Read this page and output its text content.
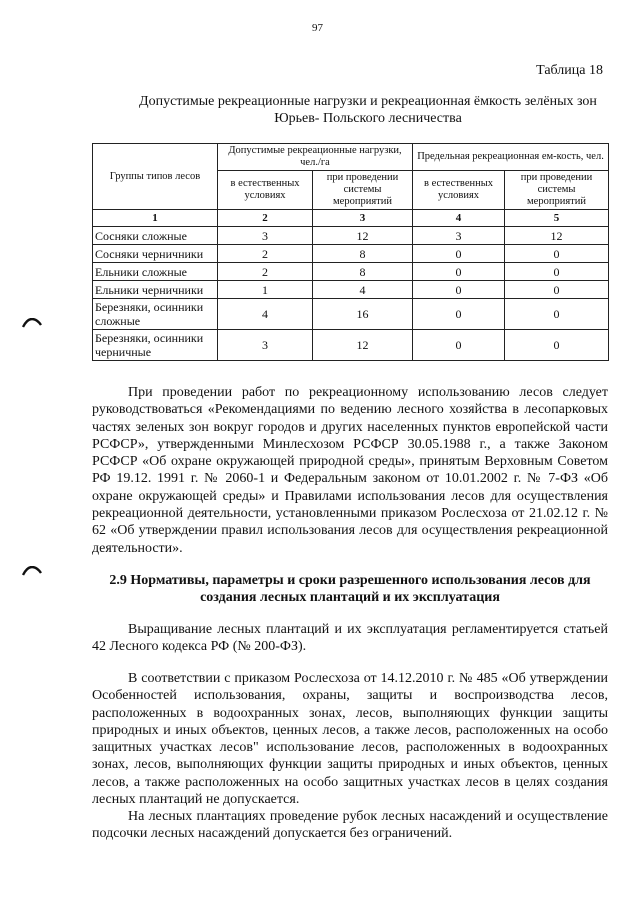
97
Таблица 18
Допустимые рекреационные нагрузки и рекреационная ёмкость зелёных зон Юрьев- Польского лесничества
Группы типов лесов	Допустимые рекреационные нагрузки, чел./га		Предельная рекреационная ем-кость, чел.	
	в естественных условиях	при проведении системы мероприятий	в естественных условиях	при проведении системы мероприятий
1	2	3	4	5
Сосняки сложные	3	12	3	12
Сосняки черничники	2	8	0	0
Ельники сложные	2	8	0	0
Ельники черничники	1	4	0	0
Березняки, осинники сложные	4	16	0	0
Березняки, осинники черничные	3	12	0	0

При проведении работ по рекреационному использованию лесов следует руководствоваться «Рекомендациями по ведению лесного хозяйства в лесопарковых частях зеленых зон вокруг городов и других населенных пунктов европейской части РСФСР», утвержденными Минлесхозом РСФСР 30.05.1988 г., а также Законом РСФСР «Об охране окружающей природной среды», принятым Верховным Советом РФ 19.12. 1991 г. № 2060-1 и Федеральным законом от 10.01.2002 г. № 7-ФЗ «Об охране окружающей среды» и Правилами использования лесов для осуществления рекреационной деятельности, установленными приказом Рослесхоза от 21.02.12 г. № 62 «Об утверждении правил использования лесов для осуществления рекреационной деятельности».

2.9 Нормативы, параметры и сроки разрешенного использования лесов для создания лесных плантаций и их эксплуатация

Выращивание лесных плантаций и их эксплуатация регламентируется статьей 42 Лесного кодекса РФ (№ 200-ФЗ).

В соответствии с приказом Рослесхоза от 14.12.2010 г. № 485 «Об утверждении Особенностей использования, охраны, защиты и воспроизводства лесов, расположенных в водоохранных зонах, лесов, выполняющих функции защиты природных и иных объектов, ценных лесов, а также лесов, расположенных на особо защитных участках лесов" использование лесов, расположенных в водоохранных зонах, лесов, выполняющих функции защиты природных и иных объектов, ценных лесов, а также расположенных на особо защитных участках лесов в целях создания лесных плантаций не допускается.

На лесных плантациях проведение рубок лесных насаждений и осуществление подсочки лесных насаждений допускается без ограничений.
